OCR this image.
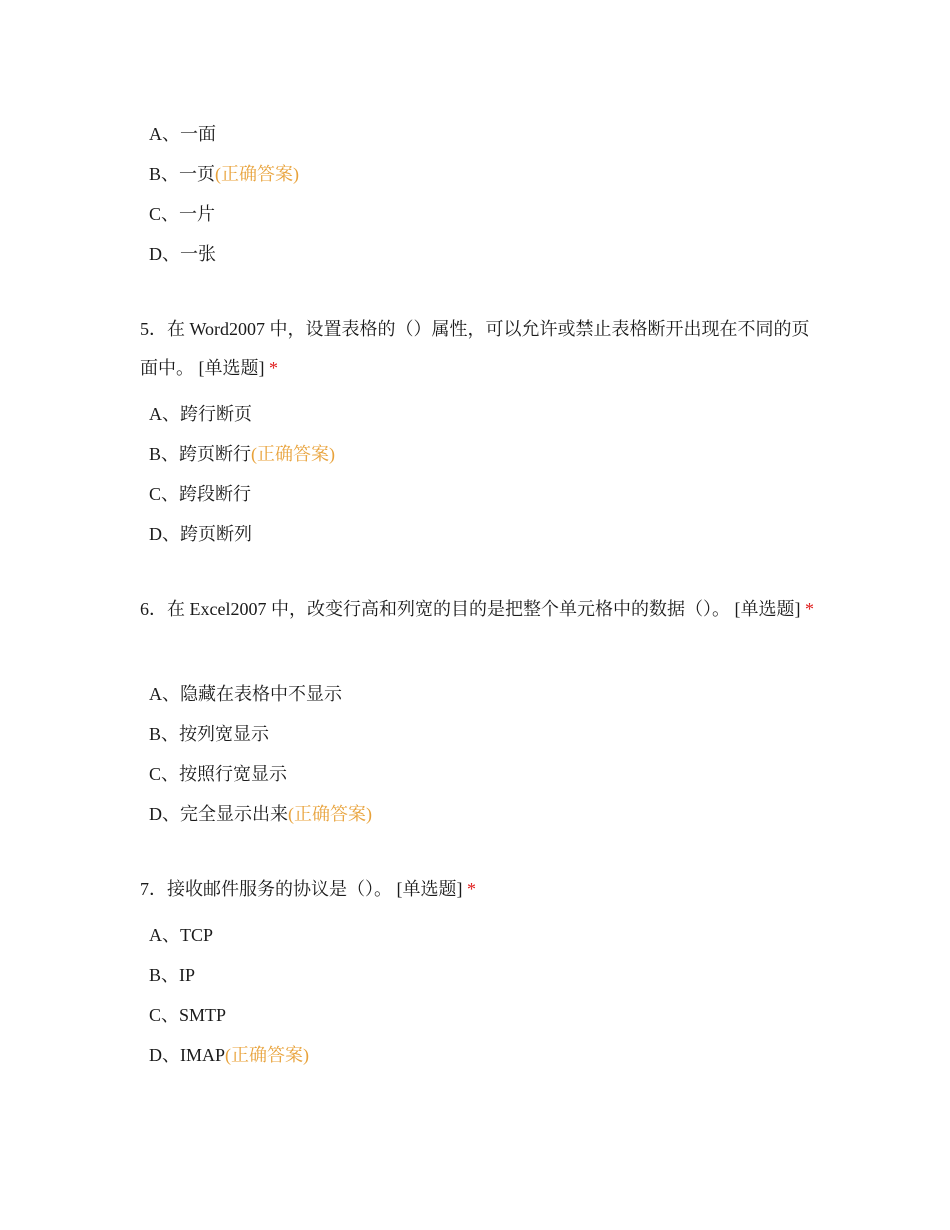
A、一面
B、一页(正确答案)
C、一片
D、一张
5．在 Word2007 中，设置表格的（）属性，可以允许或禁止表格断开出现在不同的页面中。 [单选题] *
A、跨行断页
B、跨页断行(正确答案)
C、跨段断行
D、跨页断列
6．在 Excel2007 中，改变行高和列宽的目的是把整个单元格中的数据（）。 [单选题] *
A、隐藏在表格中不显示
B、按列宽显示
C、按照行宽显示
D、完全显示出来(正确答案)
7．接收邮件服务的协议是（）。 [单选题] *
A、TCP
B、IP
C、SMTP
D、IMAP(正确答案)
